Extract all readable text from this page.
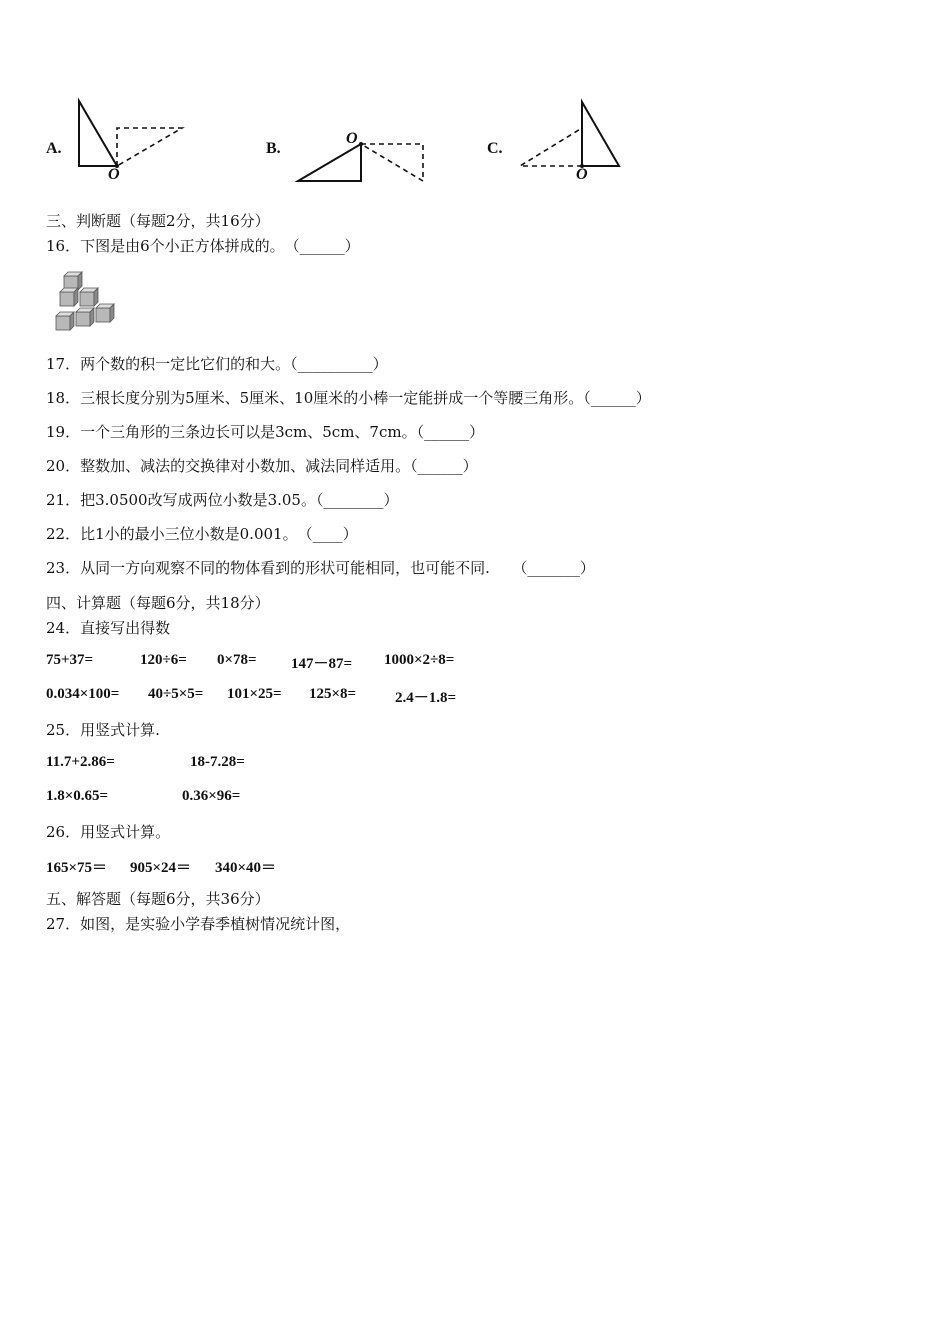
A.
O
B.
O
C.
O
三、判断题（每题2分，共16分）
16．下图是由6个小正方体拼成的。　（______）
17．两个数的积一定比它们的和大。（__________）
18．三根长度分别为5厘米、5厘米、10厘米的小棒一定能拼成一个等腰三角形。（______）
19．一个三角形的三条边长可以是3cm、5cm、7cm。（______）
20．整数加、减法的交换律对小数加、减法同样适用。（______）
21．把3.0500改写成两位小数是3.05。（________）
22．比1小的最小三位小数是0.001。　（____）
23．从同一方向观察不同的物体看到的形状可能相同，也可能不同.　　（_______）
四、计算题（每题6分，共18分）
24．直接写出得数
75+37=	120÷6= 0×78= 147－87= 1000×2÷8=
0.034×100= 40÷5×5= 101×25= 125×8=	2.4－1.8=
25．用竖式计算.
11.7+2.86=	18-7.28=
1.8×0.65=	0.36×96=
26．用竖式计算。
165×75＝ 905×24＝ 340×40＝
五、解答题（每题6分，共36分）
27．如图，是实验小学春季植树情况统计图，
